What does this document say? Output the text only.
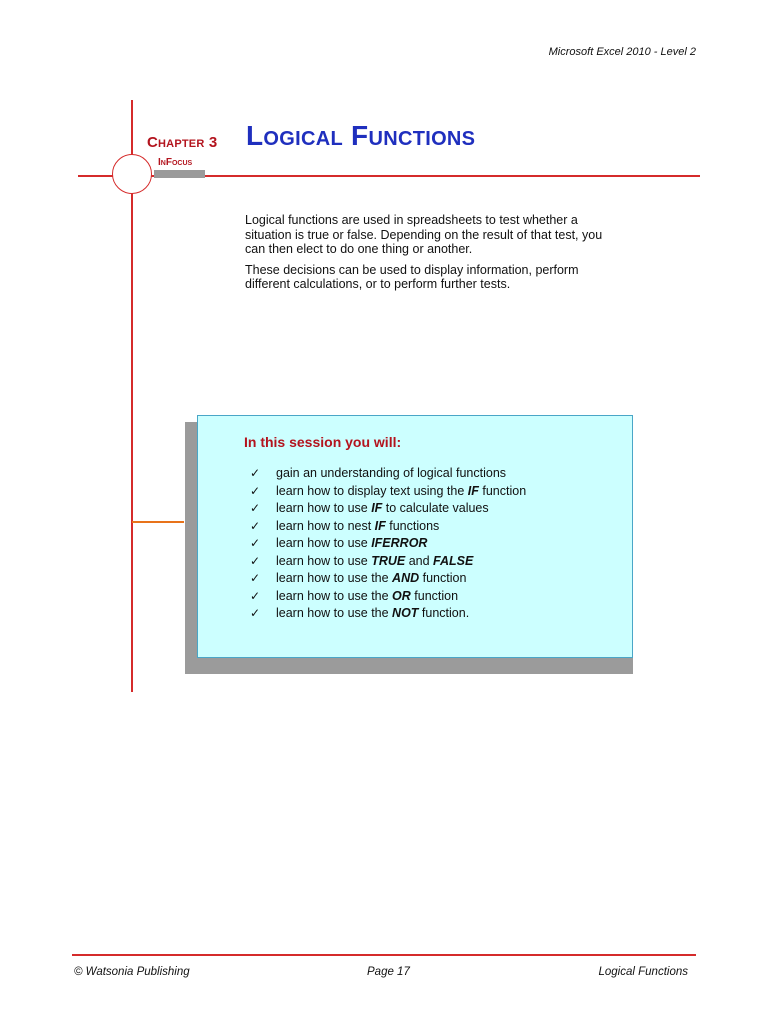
Microsoft Excel 2010 - Level 2
Chapter 3
InFocus
Logical Functions

Logical functions are used in spreadsheets to test whether a situation is true or false. Depending on the result of that test, you can then elect to do one thing or another.

These decisions can be used to display information, perform different calculations, or to perform further tests.

In this session you will:
✓ gain an understanding of logical functions
✓ learn how to display text using the IF function
✓ learn how to use IF to calculate values
✓ learn how to nest IF functions
✓ learn how to use IFERROR
✓ learn how to use TRUE and FALSE
✓ learn how to use the AND function
✓ learn how to use the OR function
✓ learn how to use the NOT function.
© Watsonia Publishing	Page 17	Logical Functions
